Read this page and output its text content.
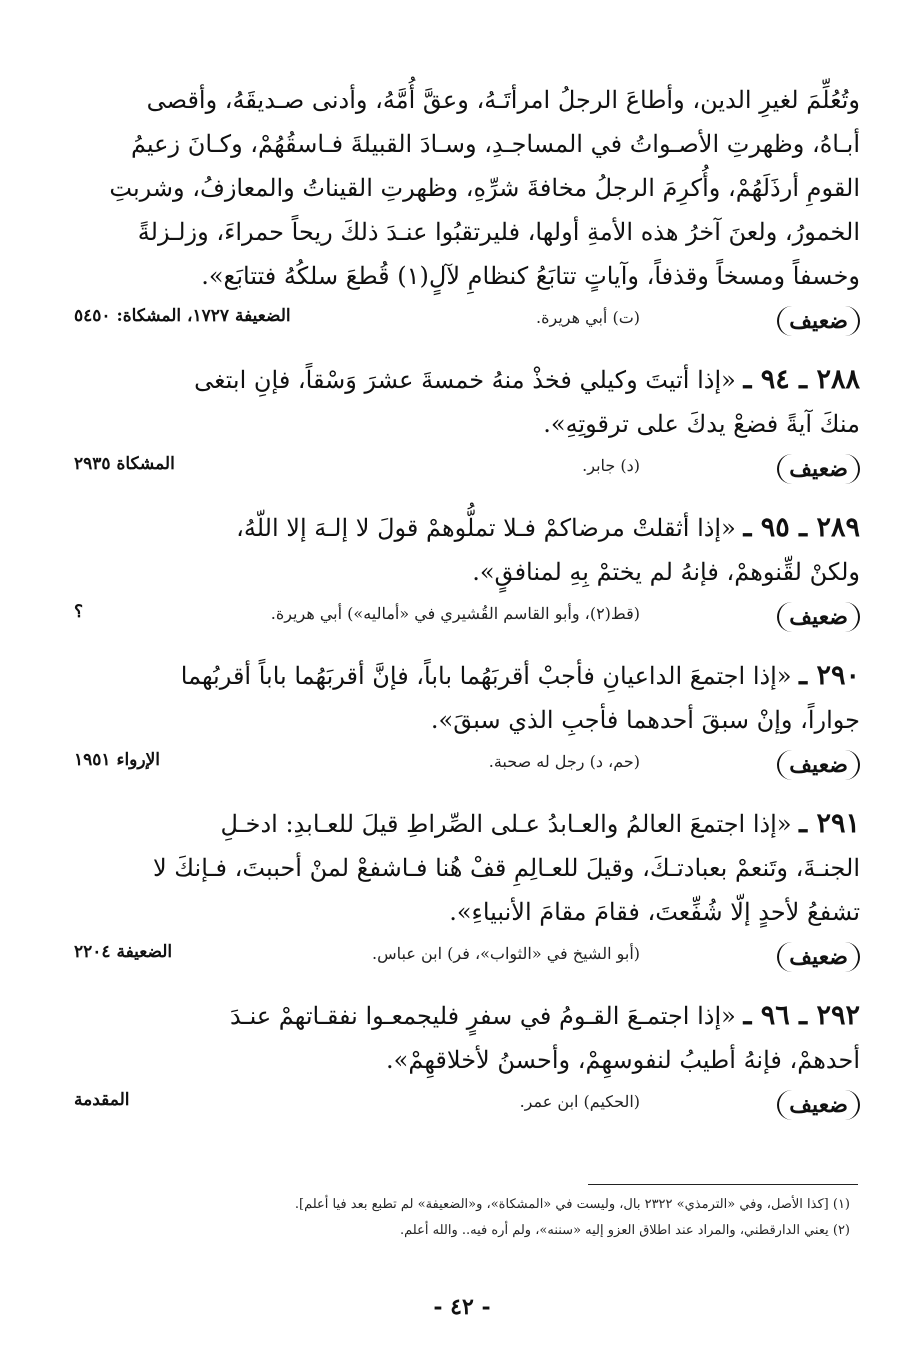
وتُعُلِّمَ لغيرِ الدين، وأطاعَ الرجلُ امرأتَـهُ، وعقَّ أُمَّهُ، وأدنى صـديقَهُ، وأقصى
أبـاهُ، وظهرتِ الأصـواتُ في المساجـدِ، وسـادَ القبيلةَ فـاسقُهُمْ، وكـانَ زعيمُ
القومِ أرذَلَهُمْ، وأُكرِمَ الرجلُ مخافةَ شرِّهِ، وظهرتِ القيناتُ والمعازفُ، وشربتِ
الخمورُ، ولعنَ آخرُ هذه الأمةِ أولها، فليرتقبُوا عنـدَ ذلكَ ريحاً حمراءَ، وزلـزلةً
وخسفاً ومسخاً وقذفاً، وآياتٍ تتابَعُ كنظامِ لآلٍ(١) قُطعَ سلكُهُ فتتابَع».

ضعيف
(ت) أبي هريرة.
الضعيفة ١٧٢٧، المشكاة: ٥٤٥٠

٢٨٨ ـ ٩٤ ـ «إذا أتيتَ وكيلي فخذْ منهُ خمسةَ عشرَ وَسْقاً، فإنِ ابتغى
منكَ آيةً فضعْ يدكَ على ترقوتِهِ».

ضعيف
(د) جابر.
المشكاة ٢٩٣٥

٢٨٩ ـ ٩٥ ـ «إذا أثقلتْ مرضاكمْ فـلا تملُّوهمْ قولَ لا إلـهَ إلا اللّهُ،
ولكنْ لقِّنوهمْ، فإنهُ لم يختمْ بِهِ لمنافقٍ».

ضعيف
(قط(٢)، وأبو القاسم القُشيري في «أماليه») أبي هريرة.
؟

٢٩٠ ـ «إذا اجتمعَ الداعيانِ فأجبْ أقربَهُما باباً، فإنَّ أقربَهُما باباً أقربُهما
جواراً، وإنْ سبقَ أحدهما فأجبِ الذي سبقَ».

ضعيف
(حم، د) رجل له صحبة.
الإرواء ١٩٥١

٢٩١ ـ «إذا اجتمعَ العالمُ والعـابدُ عـلى الصِّراطِ قيلَ للعـابدِ: ادخـلِ
الجنـةَ، وتَنعمْ بعبادتـكَ، وقيلَ للعـالِمِ قفْ هُنا فـاشفعْ لمنْ أحببتَ، فـإنكَ لا
تشفعُ لأحدٍ إلّا شُفِّعتَ، فقامَ مقامَ الأنبياءِ».

ضعيف
(أبو الشيخ في «الثواب»، فر) ابن عباس.
الضعيفة ٢٢٠٤

٢٩٢ ـ ٩٦ ـ «إذا اجتمـعَ القـومُ في سفرٍ فليجمعـوا نفقـاتهمْ عنـدَ
أحدهمْ، فإنهُ أطيبُ لنفوسهِمْ، وأحسنُ لأخلاقهِمْ».

ضعيف
(الحكيم) ابن عمر.
المقدمة
(١) [كذا الأصل، وفي «الترمذي» ٢٣٢٢ بال، وليست في «المشكاة»، و«الضعيفة» لم تطبع بعد فيا أعلم].
(٢) يعني الدارقطني، والمراد عند اطلاق العزو إليه «سننه»، ولم أره فيه.. والله أعلم.
- ٤٢ -
